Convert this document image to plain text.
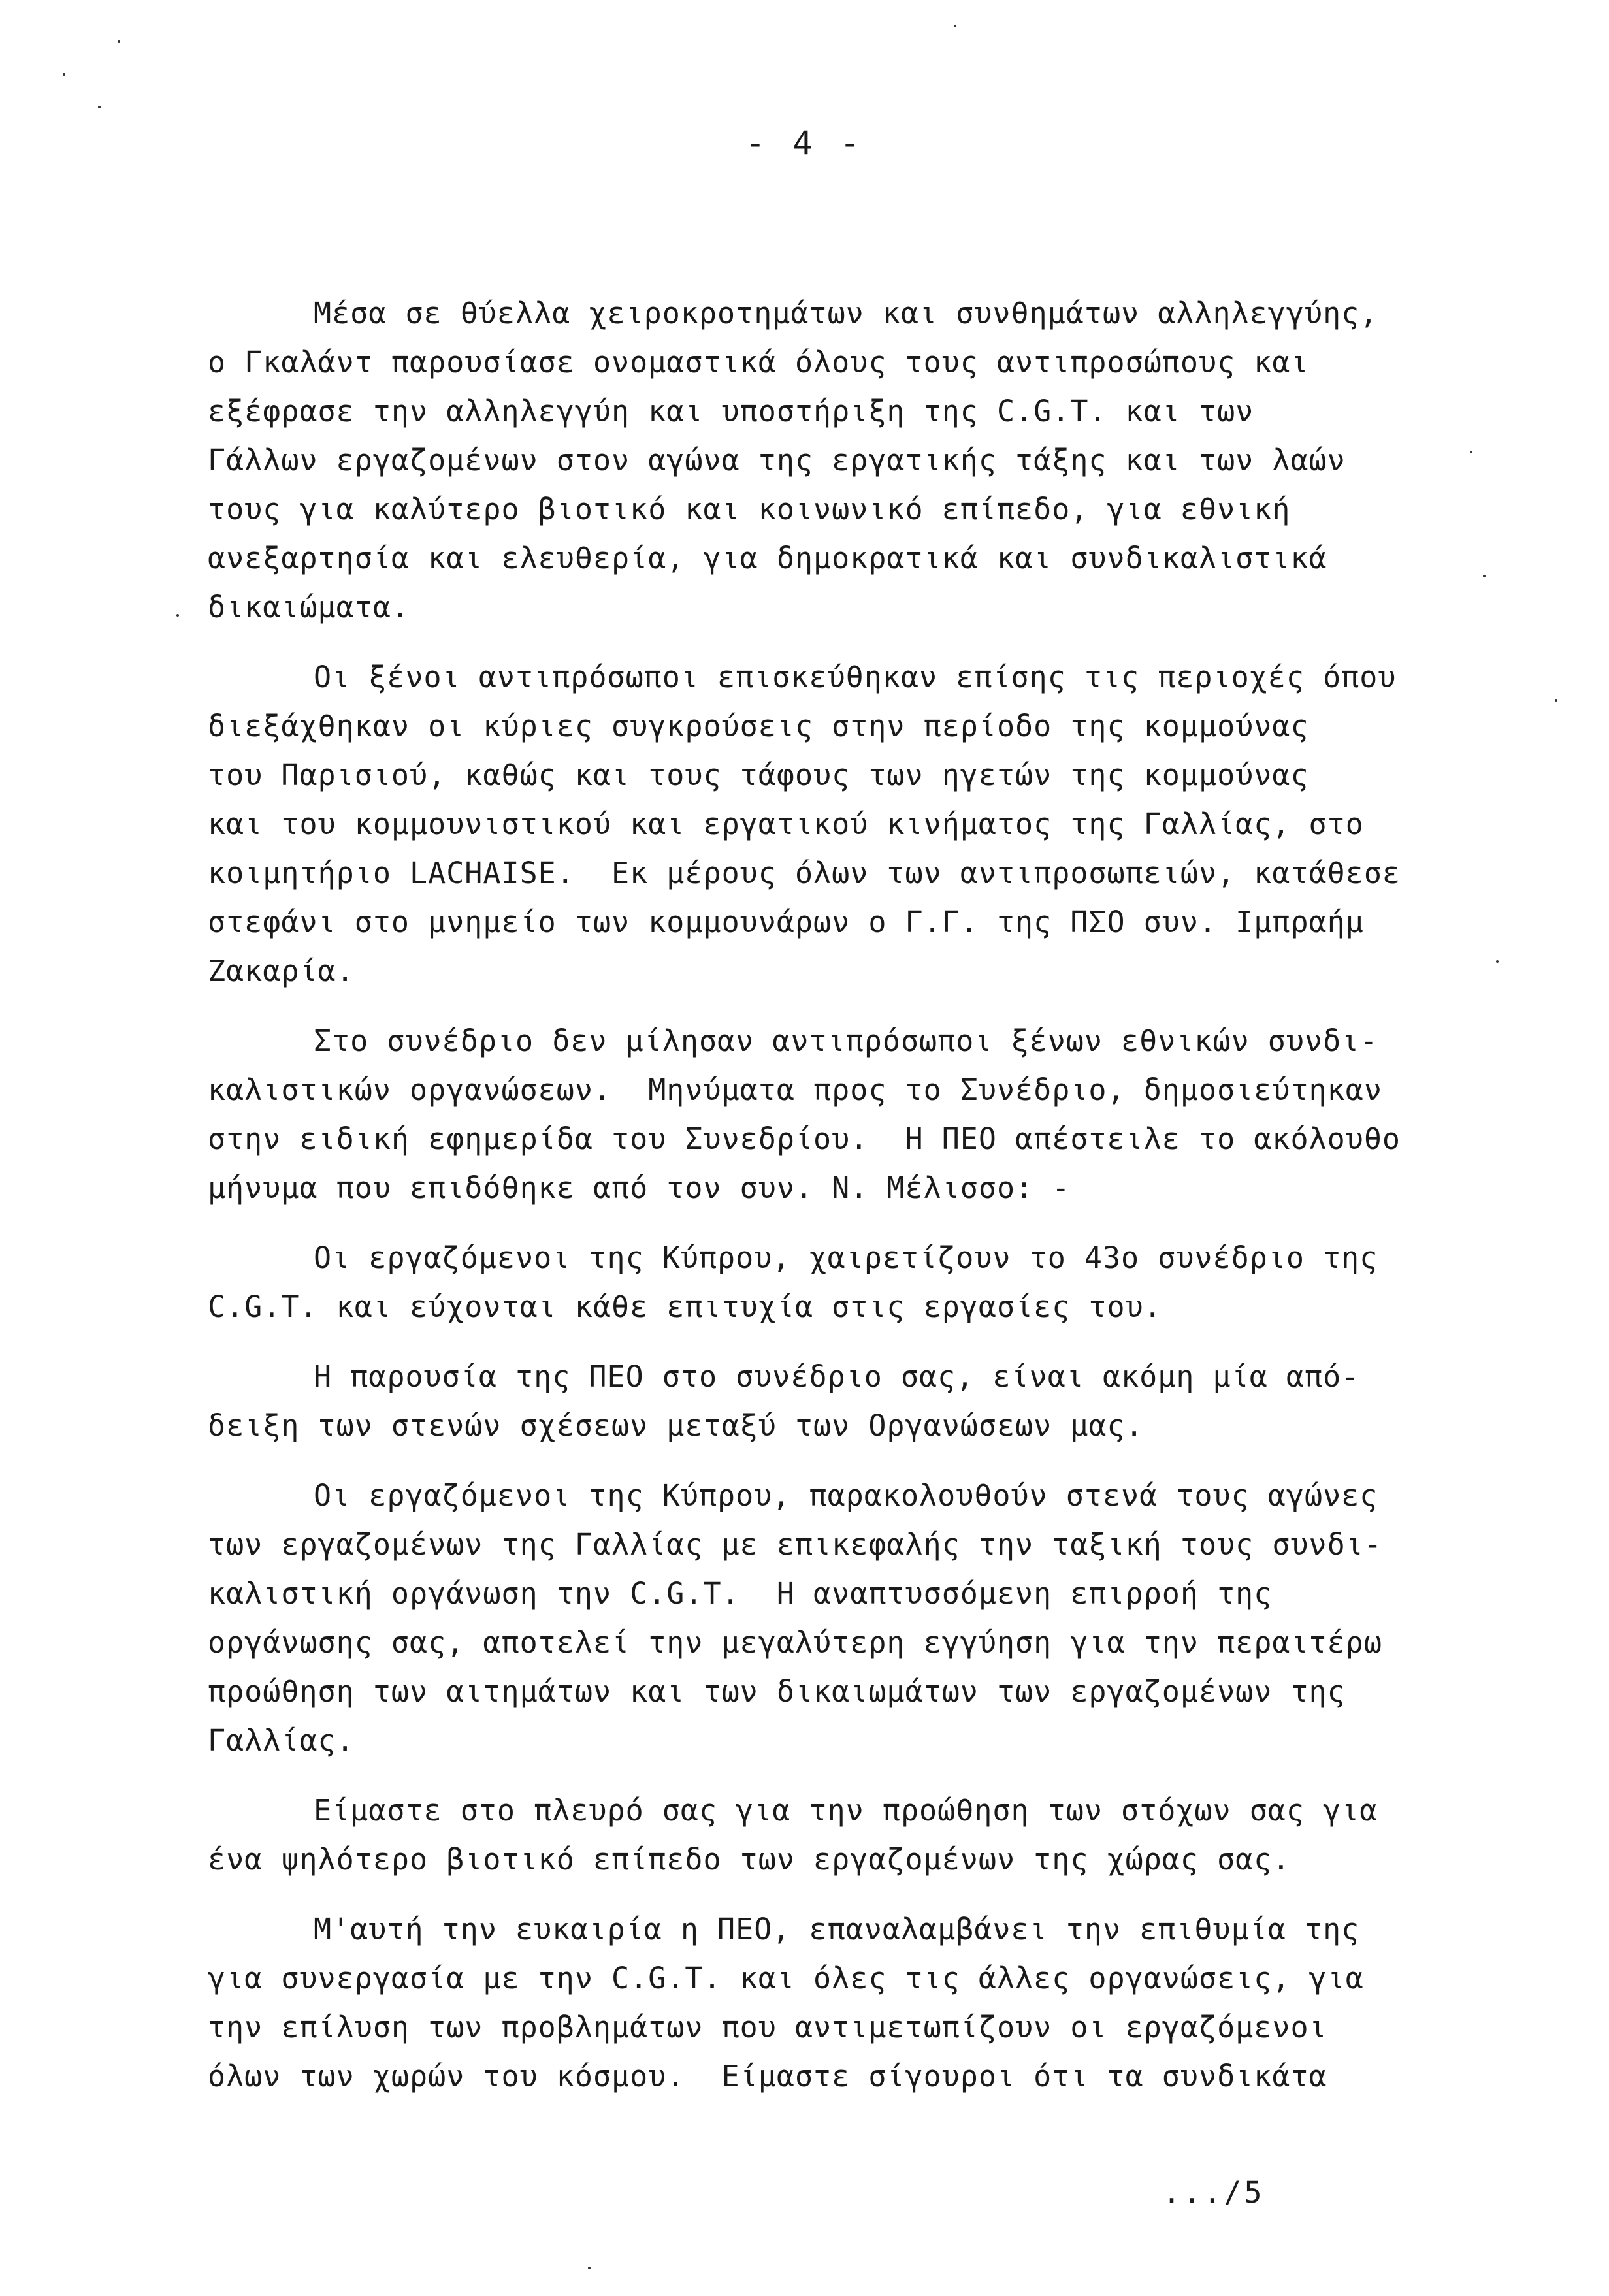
- 4 -
Μέσα σε θύελλα χειροκροτημάτων και συνθημάτων αλληλεγγύης,
ο Γκαλάντ παρουσίασε ονομαστικά όλους τους αντιπροσώπους και
εξέφρασε την αλληλεγγύη και υποστήριξη της C.G.T. και των
Γάλλων εργαζομένων στον αγώνα της εργατικής τάξης και των λαών
τους για καλύτερο βιοτικό και κοινωνικό επίπεδο, για εθνική
ανεξαρτησία και ελευθερία, για δημοκρατικά και συνδικαλιστικά
δικαιώματα.
Οι ξένοι αντιπρόσωποι επισκεύθηκαν επίσης τις περιοχές όπου
διεξάχθηκαν οι κύριες συγκρούσεις στην περίοδο της κομμούνας
του Παρισιού, καθώς και τους τάφους των ηγετών της κομμούνας
και του κομμουνιστικού και εργατικού κινήματος της Γαλλίας, στο
κοιμητήριο LACHAISE.  Εκ μέρους όλων των αντιπροσωπειών, κατάθεσε
στεφάνι στο μνημείο των κομμουνάρων ο Γ.Γ. της ΠΣΟ συν. Ιμπραήμ
Ζακαρία.
Στο συνέδριο δεν μίλησαν αντιπρόσωποι ξένων εθνικών συνδι-
καλιστικών οργανώσεων.  Μηνύματα προς το Συνέδριο, δημοσιεύτηκαν
στην ειδική εφημερίδα του Συνεδρίου.  Η ΠΕΟ απέστειλε το ακόλουθο
μήνυμα που επιδόθηκε από τον συν. Ν. Μέλισσο: -
Οι εργαζόμενοι της Κύπρου, χαιρετίζουν το 43ο συνέδριο της
C.G.T. και εύχονται κάθε επιτυχία στις εργασίες του.
Η παρουσία της ΠΕΟ στο συνέδριο σας, είναι ακόμη μία από-
δειξη των στενών σχέσεων μεταξύ των Οργανώσεων μας.
Οι εργαζόμενοι της Κύπρου, παρακολουθούν στενά τους αγώνες
των εργαζομένων της Γαλλίας με επικεφαλής την ταξική τους συνδι-
καλιστική οργάνωση την C.G.T.  Η αναπτυσσόμενη επιρροή της
οργάνωσης σας, αποτελεί την μεγαλύτερη εγγύηση για την περαιτέρω
προώθηση των αιτημάτων και των δικαιωμάτων των εργαζομένων της
Γαλλίας.
Είμαστε στο πλευρό σας για την προώθηση των στόχων σας για
ένα ψηλότερο βιοτικό επίπεδο των εργαζομένων της χώρας σας.
Μ'αυτή την ευκαιρία η ΠΕΟ, επαναλαμβάνει την επιθυμία της
για συνεργασία με την C.G.T. και όλες τις άλλες οργανώσεις, για
την επίλυση των προβλημάτων που αντιμετωπίζουν οι εργαζόμενοι
όλων των χωρών του κόσμου.  Είμαστε σίγουροι ότι τα συνδικάτα
.../5
